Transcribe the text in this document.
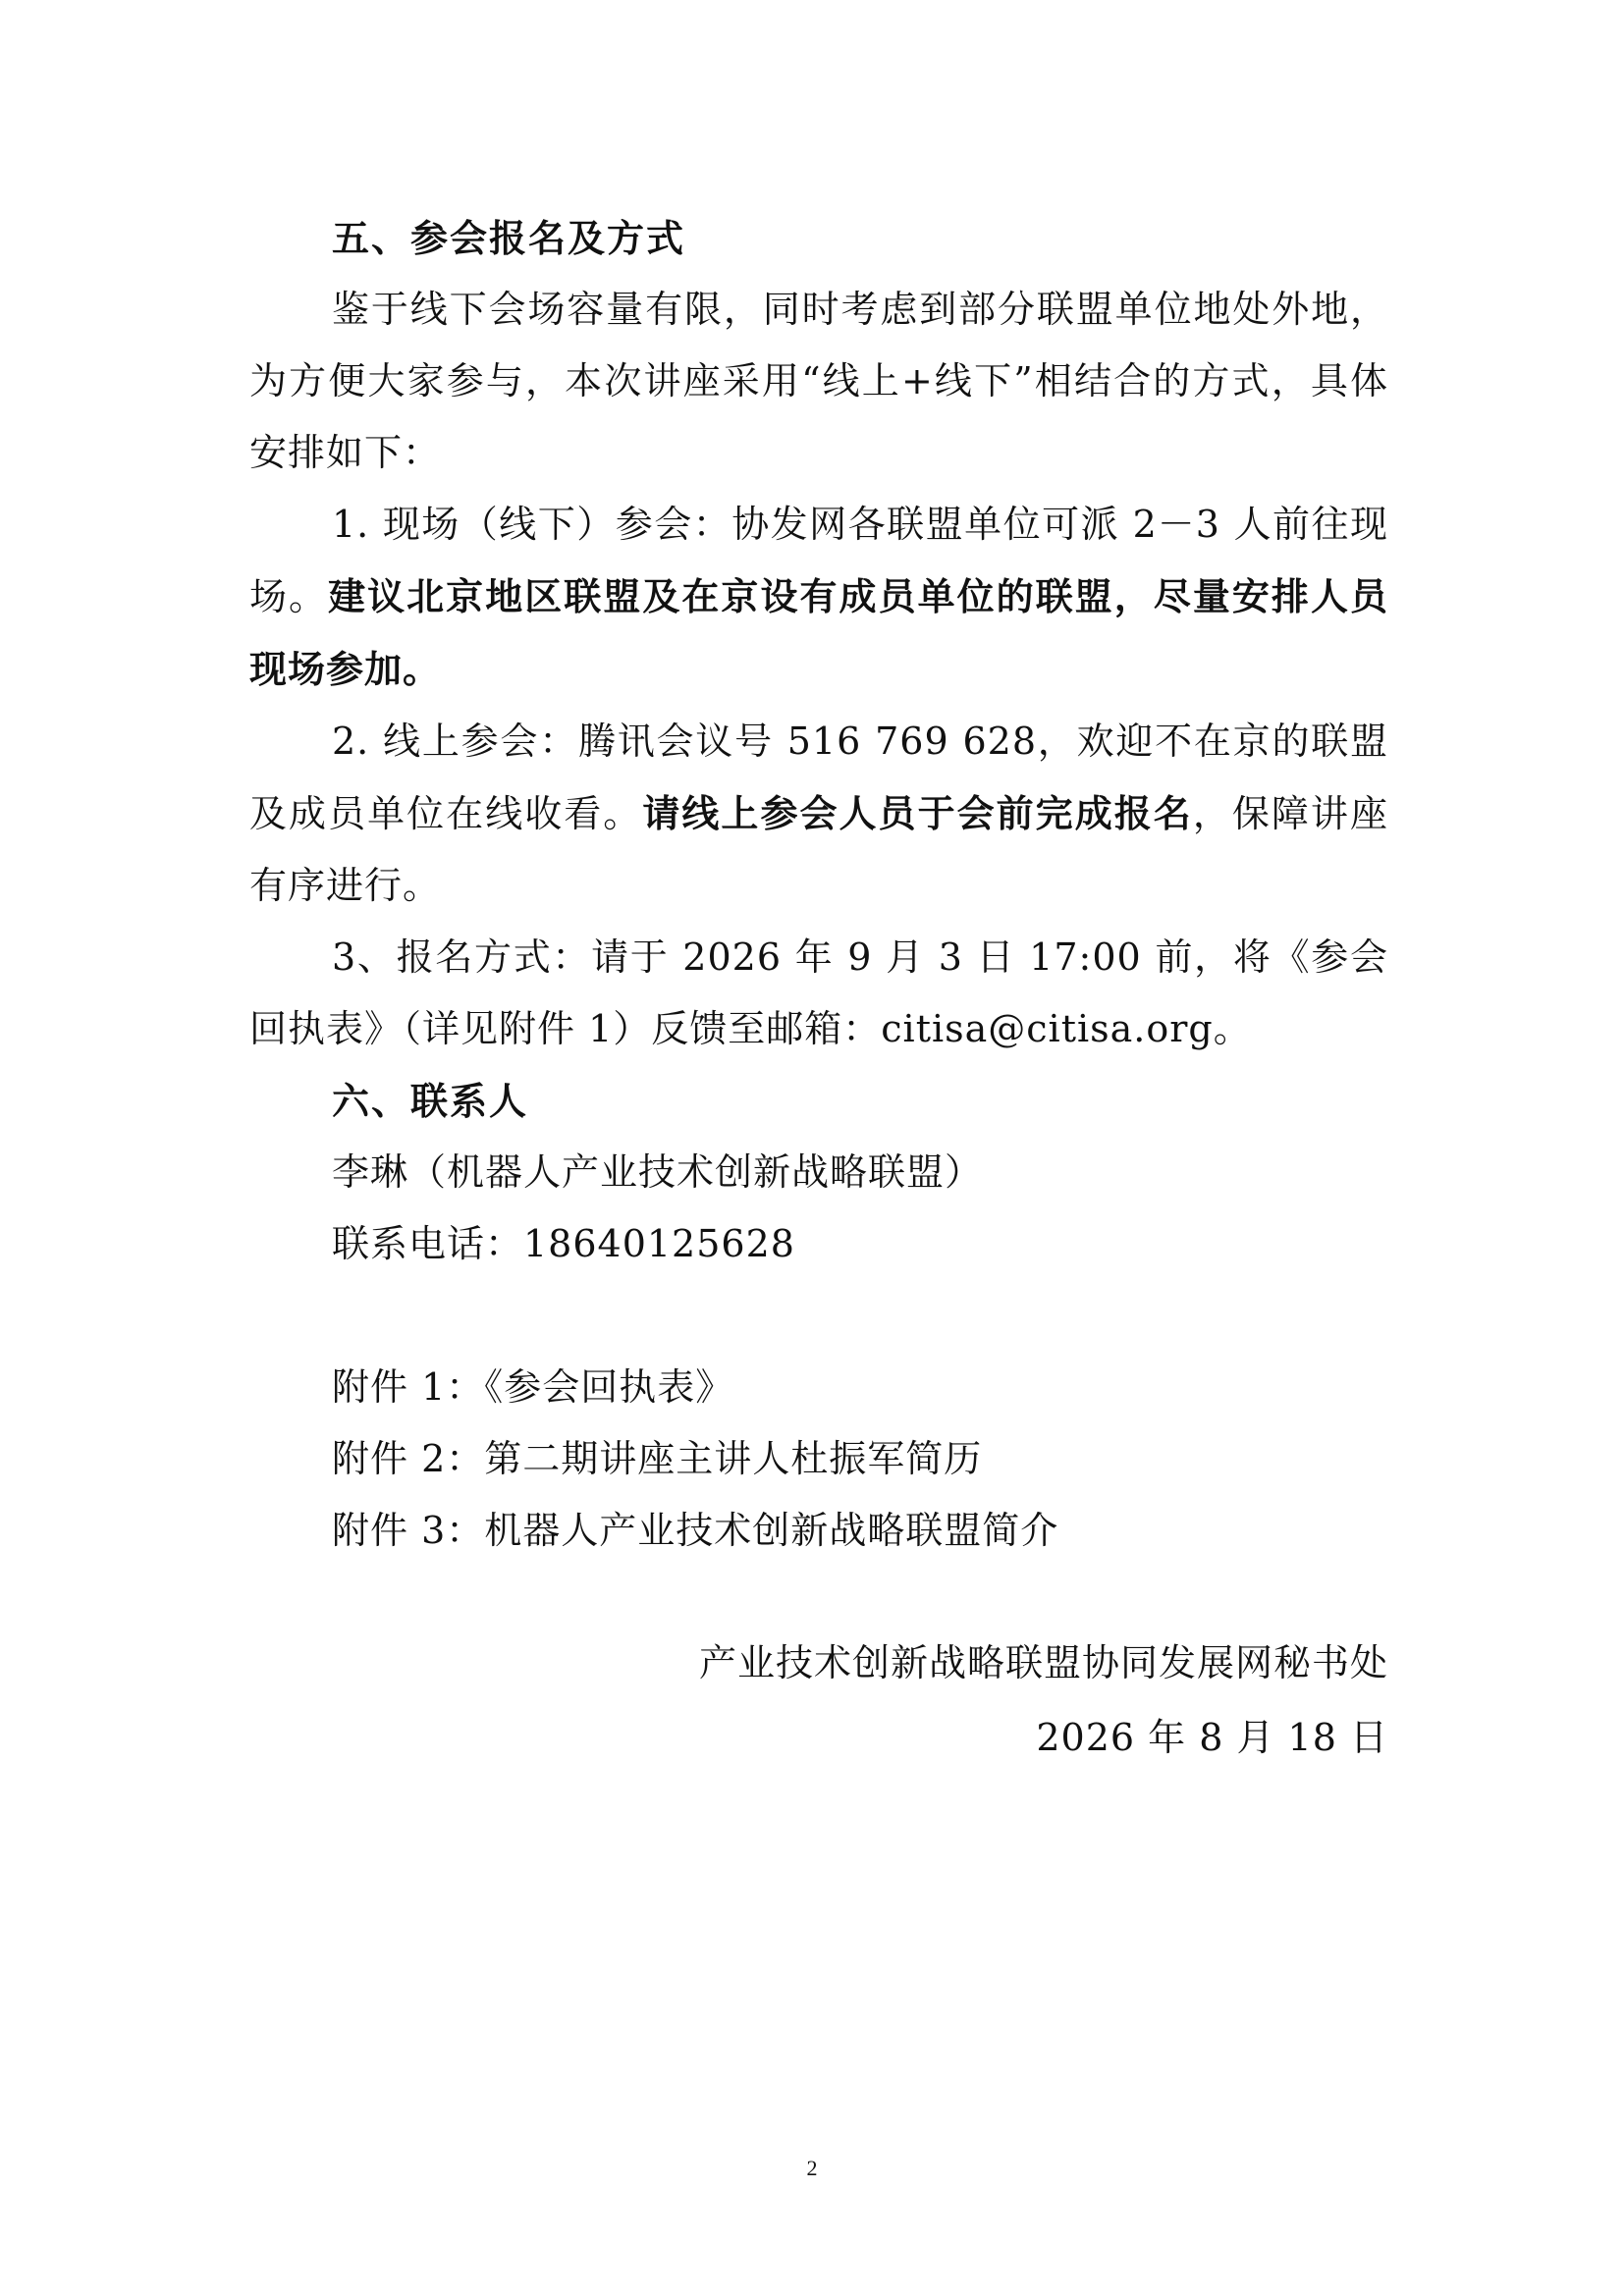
五、参会报名及方式

鉴于线下会场容量有限，同时考虑到部分联盟单位地处外地，为方便大家参与，本次讲座采用“线上+线下”相结合的方式，具体安排如下：

1. 现场（线下）参会：协发网各联盟单位可派 2－3 人前往现场。建议北京地区联盟及在京设有成员单位的联盟，尽量安排人员现场参加。

2. 线上参会：腾讯会议号 516 769 628，欢迎不在京的联盟及成员单位在线收看。请线上参会人员于会前完成报名，保障讲座有序进行。

3、报名方式：请于 2026 年 9 月 3 日 17:00 前，将《参会回执表》（详见附件 1）反馈至邮箱：citisa@citisa.org。

六、联系人

李琳（机器人产业技术创新战略联盟）

联系电话：18640125628

附件 1：《参会回执表》

附件 2：第二期讲座主讲人杜振军简历

附件 3：机器人产业技术创新战略联盟简介

产业技术创新战略联盟协同发展网秘书处
2026 年 8 月 18 日
2
